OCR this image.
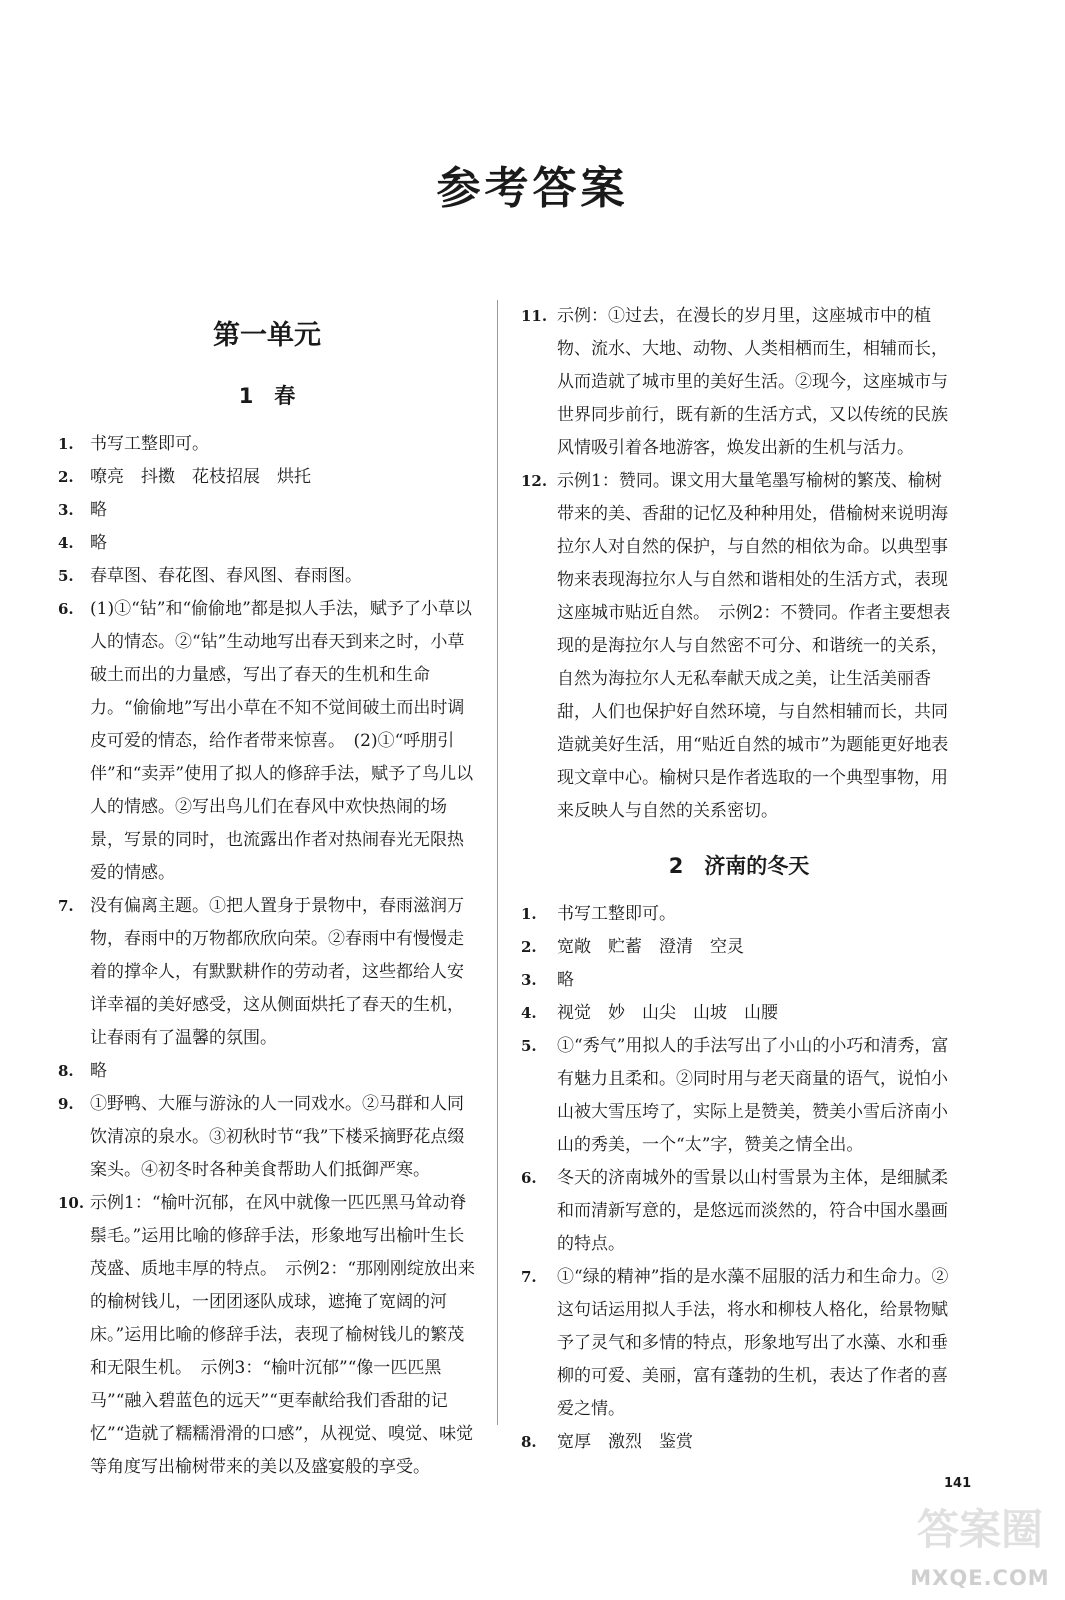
参考答案
第一单元
1　春
1. 书写工整即可。
2. 嘹亮　抖擞　花枝招展　烘托
3. 略
4. 略
5. 春草图、春花图、春风图、春雨图。
6. (1)①“钻”和“偷偷地”都是拟人手法，赋予了小草以人的情态。②“钻”生动地写出春天到来之时，小草破土而出的力量感，写出了春天的生机和生命力。“偷偷地”写出小草在不知不觉间破土而出时调皮可爱的情态，给作者带来惊喜。　(2)①“呼朋引伴”和“卖弄”使用了拟人的修辞手法，赋予了鸟儿以人的情感。②写出鸟儿们在春风中欢快热闹的场景，写景的同时，也流露出作者对热闹春光无限热爱的情感。
7. 没有偏离主题。①把人置身于景物中，春雨滋润万物，春雨中的万物都欣欣向荣。②春雨中有慢慢走着的撑伞人，有默默耕作的劳动者，这些都给人安详幸福的美好感受，这从侧面烘托了春天的生机，让春雨有了温馨的氛围。
8. 略
9. ①野鸭、大雁与游泳的人一同戏水。②马群和人同饮清凉的泉水。③初秋时节“我”下楼采摘野花点缀案头。④初冬时各种美食帮助人们抵御严寒。
10. 示例1：“榆叶沉郁，在风中就像一匹匹黑马耸动脊鬃毛。”运用比喻的修辞手法，形象地写出榆叶生长茂盛、质地丰厚的特点。　示例2：“那刚刚绽放出来的榆树钱儿，一团团逐队成球，遮掩了宽阔的河床。”运用比喻的修辞手法，表现了榆树钱儿的繁茂和无限生机。　示例3：“榆叶沉郁”“像一匹匹黑马”“融入碧蓝色的远天”“更奉献给我们香甜的记忆”“造就了糯糯滑滑的口感”，从视觉、嗅觉、味觉等角度写出榆树带来的美以及盛宴般的享受。
11. 示例：①过去，在漫长的岁月里，这座城市中的植物、流水、大地、动物、人类相栖而生，相辅而长，从而造就了城市里的美好生活。②现今，这座城市与世界同步前行，既有新的生活方式，又以传统的民族风情吸引着各地游客，焕发出新的生机与活力。
12. 示例1：赞同。课文用大量笔墨写榆树的繁茂、榆树带来的美、香甜的记忆及种种用处，借榆树来说明海拉尔人对自然的保护，与自然的相依为命。以典型事物来表现海拉尔人与自然和谐相处的生活方式，表现这座城市贴近自然。　示例2：不赞同。作者主要想表现的是海拉尔人与自然密不可分、和谐统一的关系，自然为海拉尔人无私奉献天成之美，让生活美丽香甜，人们也保护好自然环境，与自然相辅而长，共同造就美好生活，用“贴近自然的城市”为题能更好地表现文章中心。榆树只是作者选取的一个典型事物，用来反映人与自然的关系密切。
2　济南的冬天
1. 书写工整即可。
2. 宽敞　贮蓄　澄清　空灵
3. 略
4. 视觉　妙　山尖　山坡　山腰
5. ①“秀气”用拟人的手法写出了小山的小巧和清秀，富有魅力且柔和。②同时用与老天商量的语气，说怕小山被大雪压垮了，实际上是赞美，赞美小雪后济南小山的秀美，一个“太”字，赞美之情全出。
6. 冬天的济南城外的雪景以山村雪景为主体，是细腻柔和而清新写意的，是悠远而淡然的，符合中国水墨画的特点。
7. ①“绿的精神”指的是水藻不屈服的活力和生命力。②这句话运用拟人手法，将水和柳枝人格化，给景物赋予了灵气和多情的特点，形象地写出了水藻、水和垂柳的可爱、美丽，富有蓬勃的生机，表达了作者的喜爱之情。
8. 宽厚　激烈　鉴赏
141
答案圈
MXQE.COM
